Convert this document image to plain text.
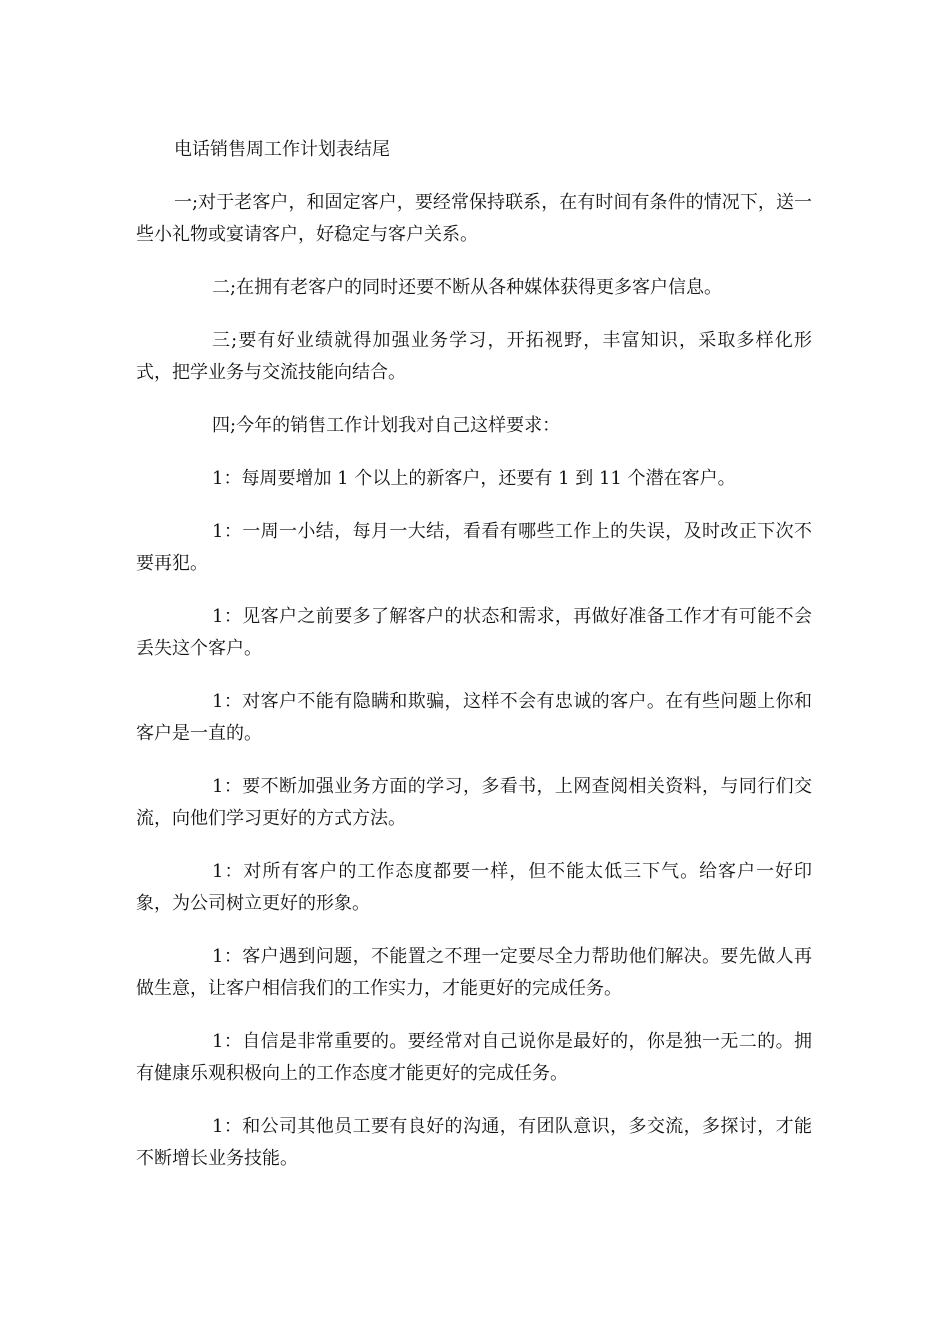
电话销售周工作计划表结尾

一;对于老客户，和固定客户，要经常保持联系，在有时间有条件的情况下，送一些小礼物或宴请客户，好稳定与客户关系。

二;在拥有老客户的同时还要不断从各种媒体获得更多客户信息。

三;要有好业绩就得加强业务学习，开拓视野，丰富知识，采取多样化形式，把学业务与交流技能向结合。

四;今年的销售工作计划我对自己这样要求：

1：每周要增加 1 个以上的新客户，还要有 1 到 11 个潜在客户。

1：一周一小结，每月一大结，看看有哪些工作上的失误，及时改正下次不要再犯。

1：见客户之前要多了解客户的状态和需求，再做好准备工作才有可能不会丢失这个客户。

1：对客户不能有隐瞒和欺骗，这样不会有忠诚的客户。在有些问题上你和客户是一直的。

1：要不断加强业务方面的学习，多看书，上网查阅相关资料，与同行们交流，向他们学习更好的方式方法。

1：对所有客户的工作态度都要一样，但不能太低三下气。给客户一好印象，为公司树立更好的形象。

1：客户遇到问题，不能置之不理一定要尽全力帮助他们解决。要先做人再做生意，让客户相信我们的工作实力，才能更好的完成任务。

1：自信是非常重要的。要经常对自己说你是最好的，你是独一无二的。拥有健康乐观积极向上的工作态度才能更好的完成任务。

1：和公司其他员工要有良好的沟通，有团队意识，多交流，多探讨，才能不断增长业务技能。
